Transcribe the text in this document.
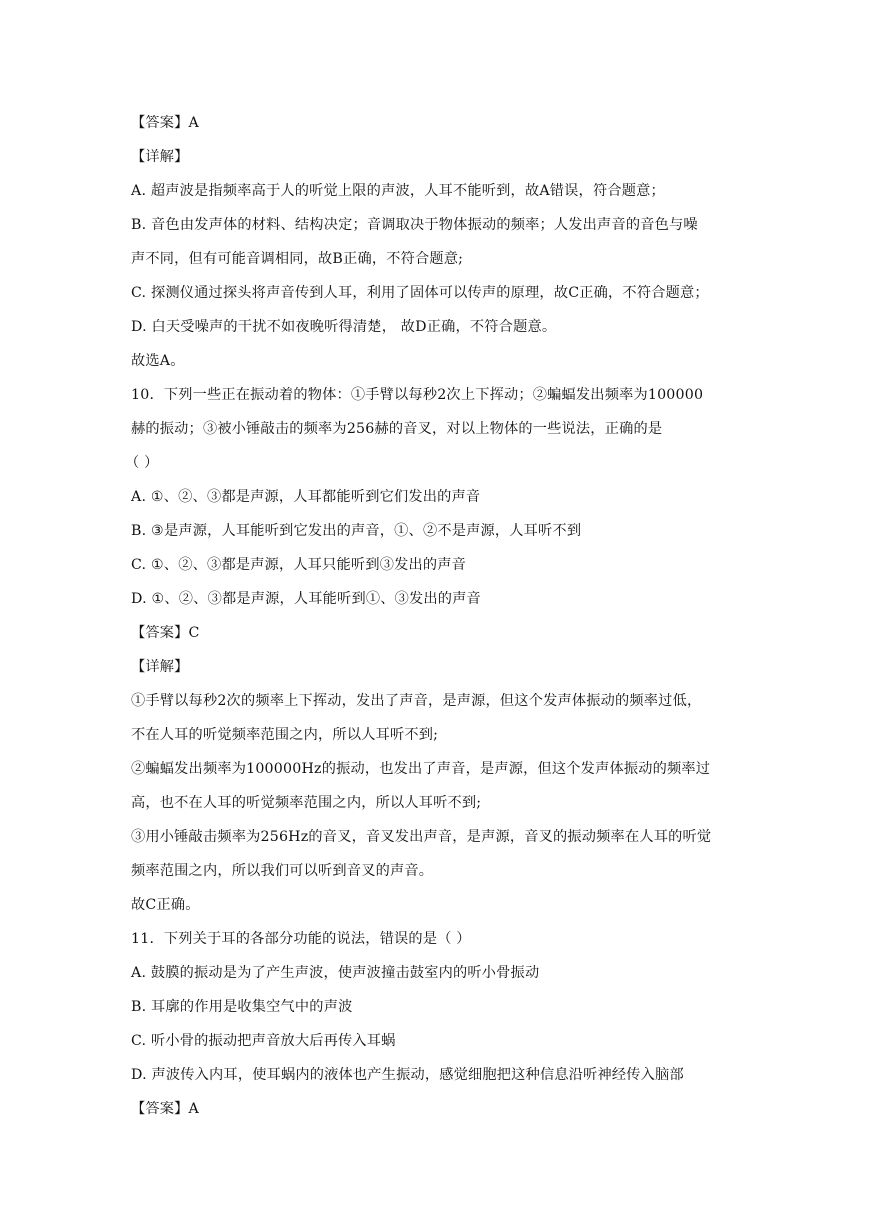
【答案】A
【详解】
A. 超声波是指频率高于人的听觉上限的声波，人耳不能听到，故A错误，符合题意；
B. 音色由发声体的材料、结构决定；音调取决于物体振动的频率；人发出声音的音色与噪
声不同，但有可能音调相同，故B正确，不符合题意;
C. 探测仪通过探头将声音传到人耳，利用了固体可以传声的原理，故C正确，不符合题意；
D. 白天受噪声的干扰不如夜晚听得清楚， 故D正确，不符合题意。
故选A。
10．下列一些正在振动着的物体：①手臂以每秒2次上下挥动；②蝙蝠发出频率为100000
赫的振动；③被小锤敲击的频率为256赫的音叉，对以上物体的一些说法，正确的是
（ ）
A. ①、②、③都是声源，人耳都能听到它们发出的声音
B. ③是声源，人耳能听到它发出的声音，①、②不是声源，人耳听不到
C. ①、②、③都是声源，人耳只能听到③发出的声音
D. ①、②、③都是声源，人耳能听到①、③发出的声音
【答案】C
【详解】
①手臂以每秒2次的频率上下挥动，发出了声音，是声源，但这个发声体振动的频率过低，
不在人耳的听觉频率范围之内，所以人耳听不到;
②蝙蝠发出频率为100000Hz的振动，也发出了声音，是声源，但这个发声体振动的频率过
高，也不在人耳的听觉频率范围之内，所以人耳听不到;
③用小锤敲击频率为256Hz的音叉，音叉发出声音，是声源，音叉的振动频率在人耳的听觉
频率范围之内，所以我们可以听到音叉的声音。
故C正确。
11．下列关于耳的各部分功能的说法，错误的是（ ）
A. 鼓膜的振动是为了产生声波，使声波撞击鼓室内的听小骨振动
B. 耳廓的作用是收集空气中的声波
C. 听小骨的振动把声音放大后再传入耳蜗
D. 声波传入内耳，使耳蜗内的液体也产生振动，感觉细胞把这种信息沿听神经传入脑部
【答案】A
